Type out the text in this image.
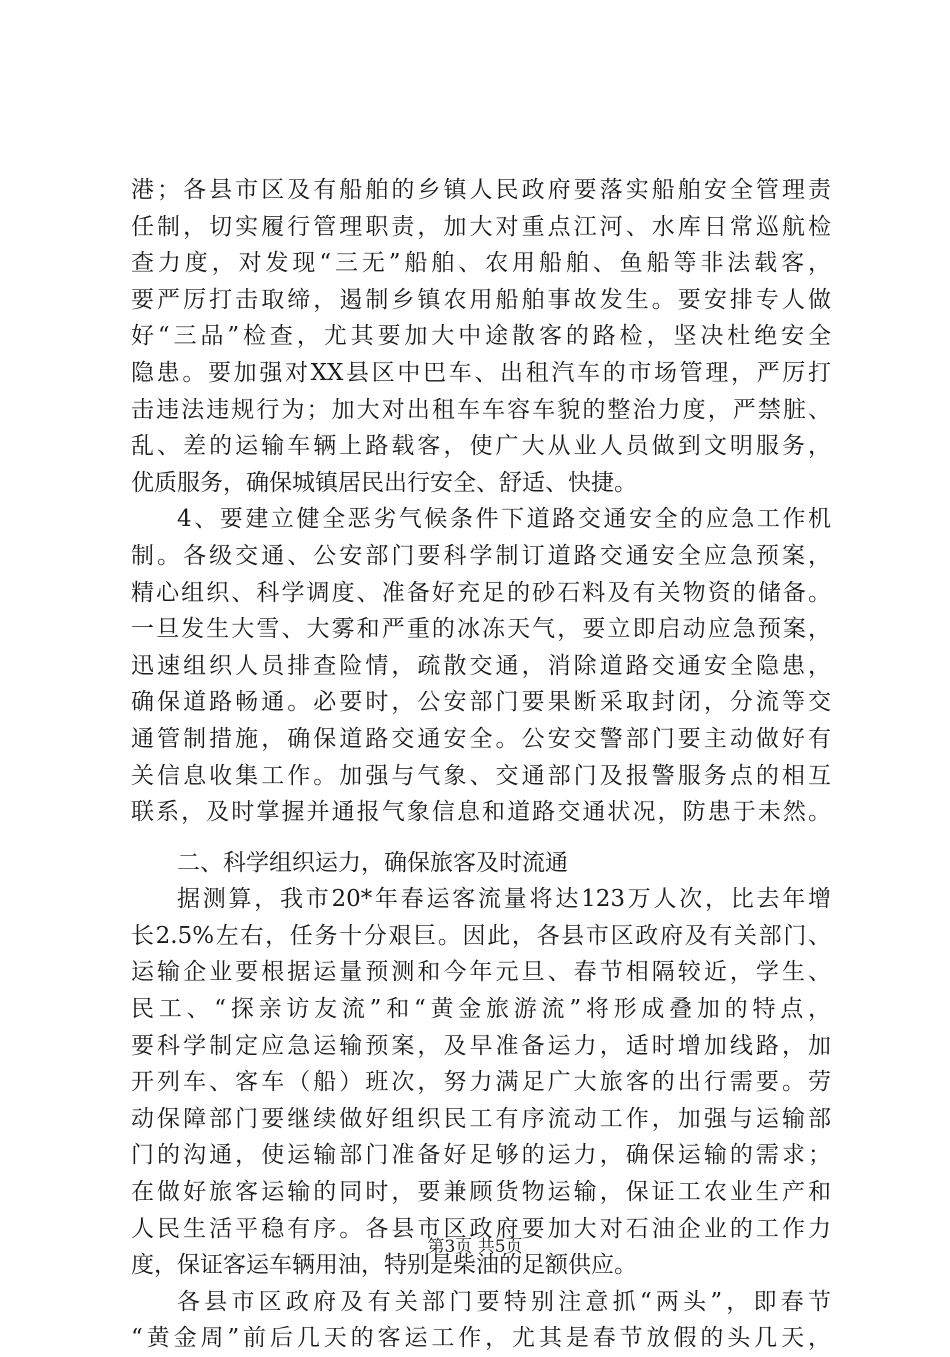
港；各县市区及有船舶的乡镇人民政府要落实船舶安全管理责
任制，切实履行管理职责，加大对重点江河、水库日常巡航检
查力度，对发现“三无”船舶、农用船舶、鱼船等非法载客，
要严厉打击取缔，遏制乡镇农用船舶事故发生。要安排专人做
好“三品”检查，尤其要加大中途散客的路检，坚决杜绝安全
隐患。要加强对XX县区中巴车、出租汽车的市场管理，严厉打
击违法违规行为；加大对出租车车容车貌的整治力度，严禁脏、
乱、差的运输车辆上路载客，使广大从业人员做到文明服务，
优质服务，确保城镇居民出行安全、舒适、快捷。
4、要建立健全恶劣气候条件下道路交通安全的应急工作机
制。各级交通、公安部门要科学制订道路交通安全应急预案，
精心组织、科学调度、准备好充足的砂石料及有关物资的储备。
一旦发生大雪、大雾和严重的冰冻天气，要立即启动应急预案，
迅速组织人员排查险情，疏散交通，消除道路交通安全隐患，
确保道路畅通。必要时，公安部门要果断采取封闭，分流等交
通管制措施，确保道路交通安全。公安交警部门要主动做好有
关信息收集工作。加强与气象、交通部门及报警服务点的相互
联系，及时掌握并通报气象信息和道路交通状况，防患于未然。
二、科学组织运力，确保旅客及时流通
据测算，我市20*年春运客流量将达123万人次，比去年增
长2.5%左右，任务十分艰巨。因此，各县市区政府及有关部门、
运输企业要根据运量预测和今年元旦、春节相隔较近，学生、
民工、“探亲访友流”和“黄金旅游流”将形成叠加的特点，
要科学制定应急运输预案，及早准备运力，适时增加线路，加
开列车、客车（船）班次，努力满足广大旅客的出行需要。劳
动保障部门要继续做好组织民工有序流动工作，加强与运输部
门的沟通，使运输部门准备好足够的运力，确保运输的需求；
在做好旅客运输的同时，要兼顾货物运输，保证工农业生产和
人民生活平稳有序。各县市区政府要加大对石油企业的工作力
度，保证客运车辆用油，特别是柴油的足额供应。
各县市区政府及有关部门要特别注意抓“两头”，即春节
“黄金周”前后几天的客运工作，尤其是春节放假的头几天，
第3页 共5页
